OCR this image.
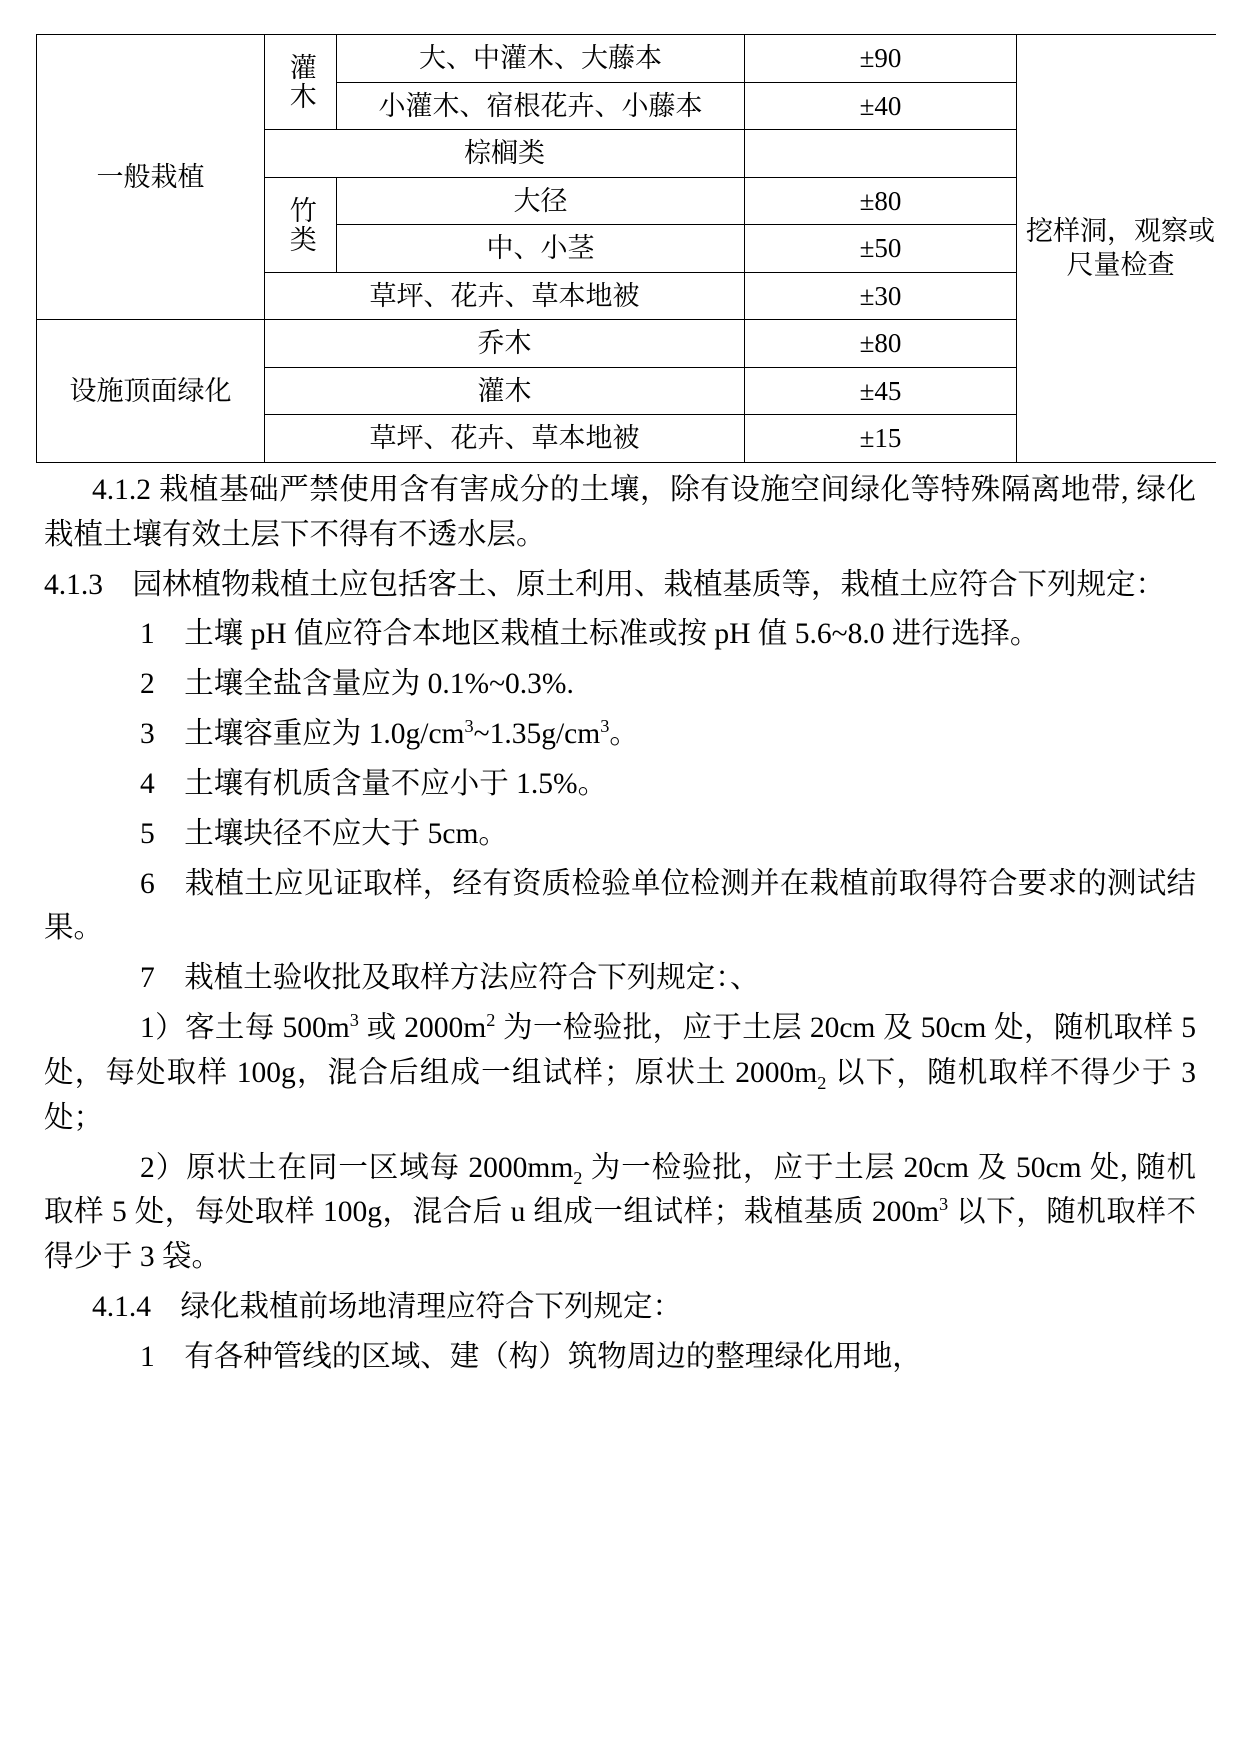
一般栽植	灌木	大、中灌木、大藤本	±90	挖样洞，观察或尺量检查
		小灌木、宿根花卉、小藤本	±40	
	棕榈类			
	竹类	大径	±80	
		中、小茎	±50	
	草坪、花卉、草本地被		±30	
设施顶面绿化	乔木		±80	
	灌木		±45	
	草坪、花卉、草本地被		±15	

4.1.2 栽植基础严禁使用含有害成分的土壤，除有设施空间绿化等特殊隔离地带, 绿化栽植土壤有效土层下不得有不透水层。

4.1.3　园林植物栽植土应包括客土、原土利用、栽植基质等，栽植土应符合下列规定：

1　土壤 pH 值应符合本地区栽植土标准或按 pH 值 5.6~8.0 进行选择。

2　土壤全盐含量应为 0.1%~0.3%.

3　土壤容重应为 $1.0g/cm^3\sim 1.35g/cm^3$。

4　土壤有机质含量不应小于 1.5%。

5　土壤块径不应大于 5cm。

6　栽植土应见证取样，经有资质检验单位检测并在栽植前取得符合要求的测试结果。

7　栽植土验收批及取样方法应符合下列规定：、

1）客土每 $500m^3$ 或 $2000m^2$ 为一检验批，应于土层 20cm 及 50cm 处，随机取样 5 处，每处取样 100g，混合后组成一组试样；原状土 $2000m_2$ 以下，随机取样不得少于 3 处；

2）原状土在同一区域每 $2000mm_2$ 为一检验批，应于土层 20cm 及 50cm 处, 随机取样 5 处，每处取样 100g，混合后 u 组成一组试样；栽植基质 $200m^3$ 以下，随机取样不得少于 3 袋。

4.1.4　绿化栽植前场地清理应符合下列规定：

1　有各种管线的区域、建（构）筑物周边的整理绿化用地，
